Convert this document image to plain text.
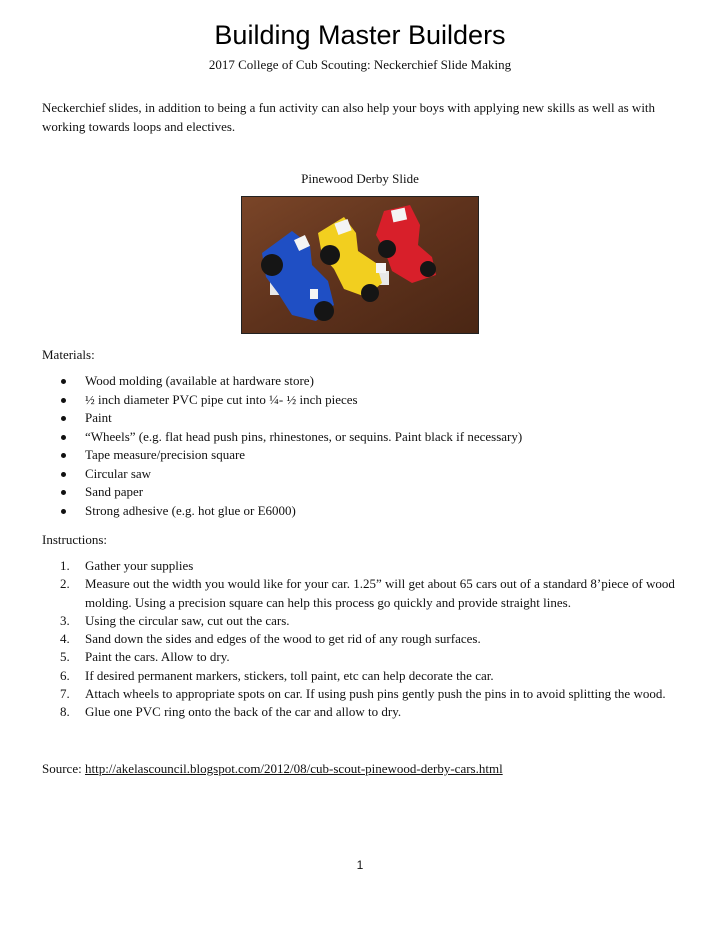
Building Master Builders
2017 College of Cub Scouting: Neckerchief Slide Making
Neckerchief slides, in addition to being a fun activity can also help your boys with applying new skills as well as with working towards loops and electives.
Pinewood Derby Slide
Materials:
Wood molding (available at hardware store)
½ inch diameter PVC pipe cut into ¼- ½ inch pieces
Paint
“Wheels” (e.g. flat head push pins, rhinestones, or sequins. Paint black if necessary)
Tape measure/precision square
Circular saw
Sand paper
Strong adhesive (e.g. hot glue or E6000)
Instructions:
1. Gather your supplies
2. Measure out the width you would like for your car. 1.25” will get about 65 cars out of a standard 8’piece of wood molding. Using a precision square can help this process go quickly and provide straight lines.
3. Using the circular saw, cut out the cars.
4. Sand down the sides and edges of the wood to get rid of any rough surfaces.
5. Paint the cars. Allow to dry.
6. If desired permanent markers, stickers, toll paint, etc can help decorate the car.
7. Attach wheels to appropriate spots on car. If using push pins gently push the pins in to avoid splitting the wood.
8. Glue one PVC ring onto the back of the car and allow to dry.
Source: http://akelascouncil.blogspot.com/2012/08/cub-scout-pinewood-derby-cars.html
1
